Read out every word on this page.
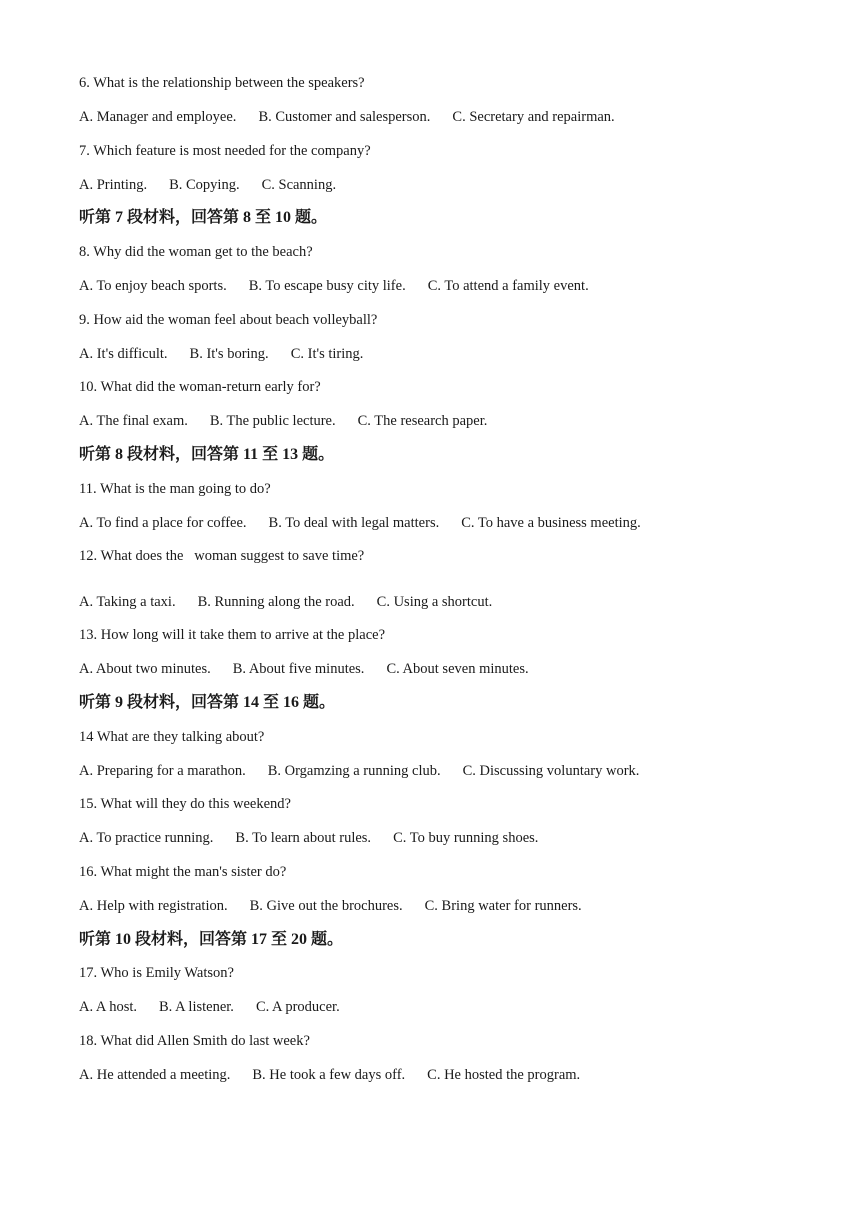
6. What is the relationship between the speakers?
A. Manager and employee. B. Customer and salesperson. C. Secretary and repairman.
7. Which feature is most needed for the company?
A. Printing. B. Copying. C. Scanning.
听第 7 段材料，回答第 8 至 10 题。
8. Why did the woman get to the beach?
A. To enjoy beach sports. B. To escape busy city life. C. To attend a family event.
9. How aid the woman feel about beach volleyball?
A. It's difficult. B. It's boring. C. It's tiring.
10. What did the woman-return early for?
A. The final exam. B. The public lecture. C. The research paper.
听第 8 段材料，回答第 11 至 13 题。
11. What is the man going to do?
A. To find a place for coffee. B. To deal with legal matters. C. To have a business meeting.
12. What does the   woman suggest to save time?
A. Taking a taxi. B. Running along the road. C. Using a shortcut.
13. How long will it take them to arrive at the place?
A. About two minutes. B. About five minutes. C. About seven minutes.
听第 9 段材料，回答第 14 至 16 题。
14 What are they talking about?
A. Preparing for a marathon. B. Orgamzing a running club. C. Discussing voluntary work.
15. What will they do this weekend?
A. To practice running. B. To learn about rules. C. To buy running shoes.
16. What might the man's sister do?
A. Help with registration. B. Give out the brochures. C. Bring water for runners.
听第 10 段材料，回答第 17 至 20 题。
17. Who is Emily Watson?
A. A host. B. A listener. C. A producer.
18. What did Allen Smith do last week?
A. He attended a meeting. B. He took a few days off. C. He hosted the program.
